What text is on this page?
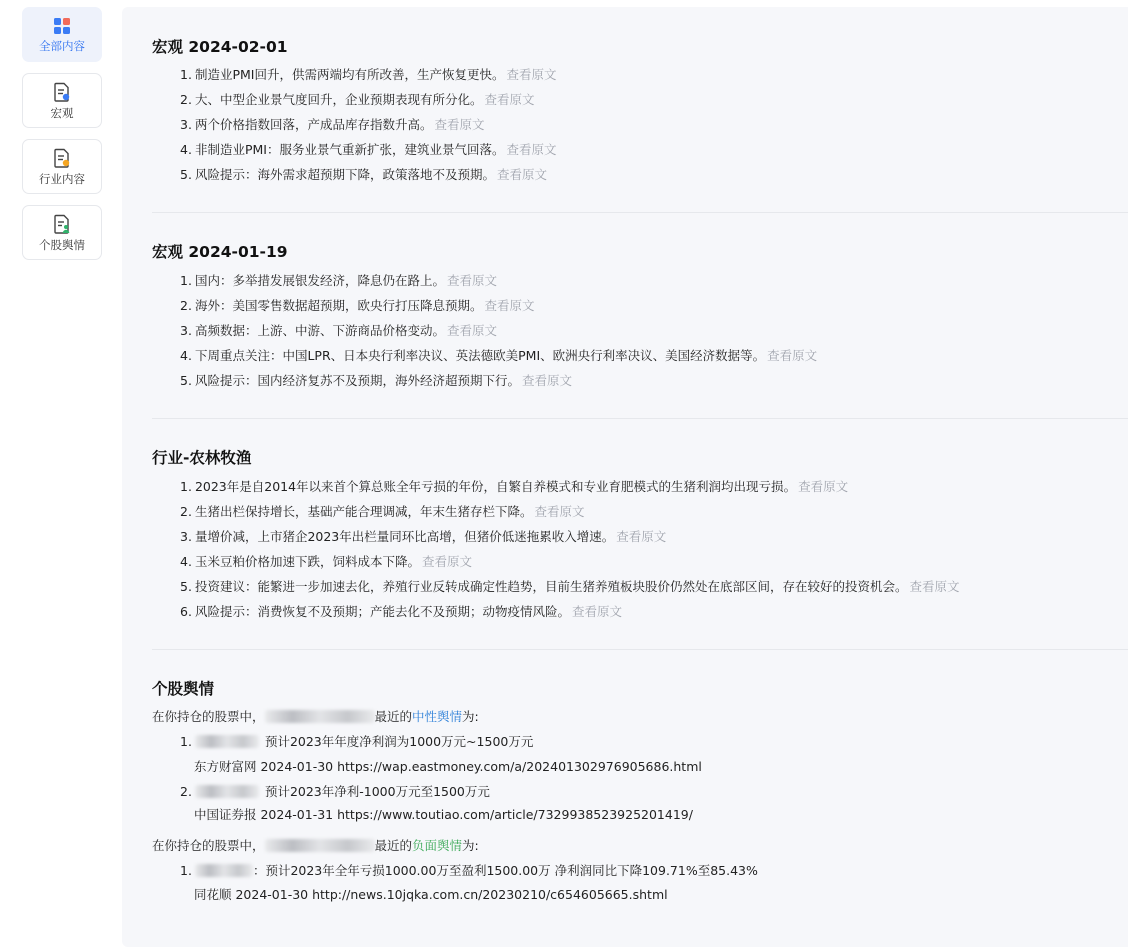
全部内容
宏观
行业内容
个股舆情
宏观 2024-02-01
1. 制造业PMI回升，供需两端均有所改善，生产恢复更快。 查看原文
2. 大、中型企业景气度回升，企业预期表现有所分化。 查看原文
3. 两个价格指数回落，产成品库存指数升高。 查看原文
4. 非制造业PMI：服务业景气重新扩张，建筑业景气回落。 查看原文
5. 风险提示：海外需求超预期下降，政策落地不及预期。 查看原文
宏观 2024-01-19
1. 国内：多举措发展银发经济，降息仍在路上。 查看原文
2. 海外：美国零售数据超预期，欧央行打压降息预期。 查看原文
3. 高频数据：上游、中游、下游商品价格变动。 查看原文
4. 下周重点关注：中国LPR、日本央行利率决议、英法德欧美PMI、欧洲央行利率决议、美国经济数据等。 查看原文
5. 风险提示：国内经济复苏不及预期，海外经济超预期下行。 查看原文
行业-农林牧渔
1. 2023年是自2014年以来首个算总账全年亏损的年份，自繁自养模式和专业育肥模式的生猪利润均出现亏损。 查看原文
2. 生猪出栏保持增长，基础产能合理调减，年末生猪存栏下降。 查看原文
3. 量增价减，上市猪企2023年出栏量同环比高增，但猪价低迷拖累收入增速。 查看原文
4. 玉米豆粕价格加速下跌，饲料成本下降。 查看原文
5. 投资建议：能繁进一步加速去化，养殖行业反转成确定性趋势，目前生猪养殖板块股价仍然处在底部区间，存在较好的投资机会。 查看原文
6. 风险提示：消费恢复不及预期；产能去化不及预期；动物疫情风险。 查看原文
个股舆情
在你持仓的股票中，	最近的中性舆情为:
1.	预计2023年年度净利润为1000万元~1500万元
东方财富网 2024-01-30 https://wap.eastmoney.com/a/202401302976905686.html
2.	预计2023年净利-1000万元至1500万元
中国证券报 2024-01-31 https://www.toutiao.com/article/7329938523925201419/
在你持仓的股票中，	最近的负面舆情为:
1.	：预计2023年全年亏损1000.00万至盈利1500.00万 净利润同比下降109.71%至85.43%
同花顺 2024-01-30 http://news.10jqka.com.cn/20230210/c654605665.shtml
